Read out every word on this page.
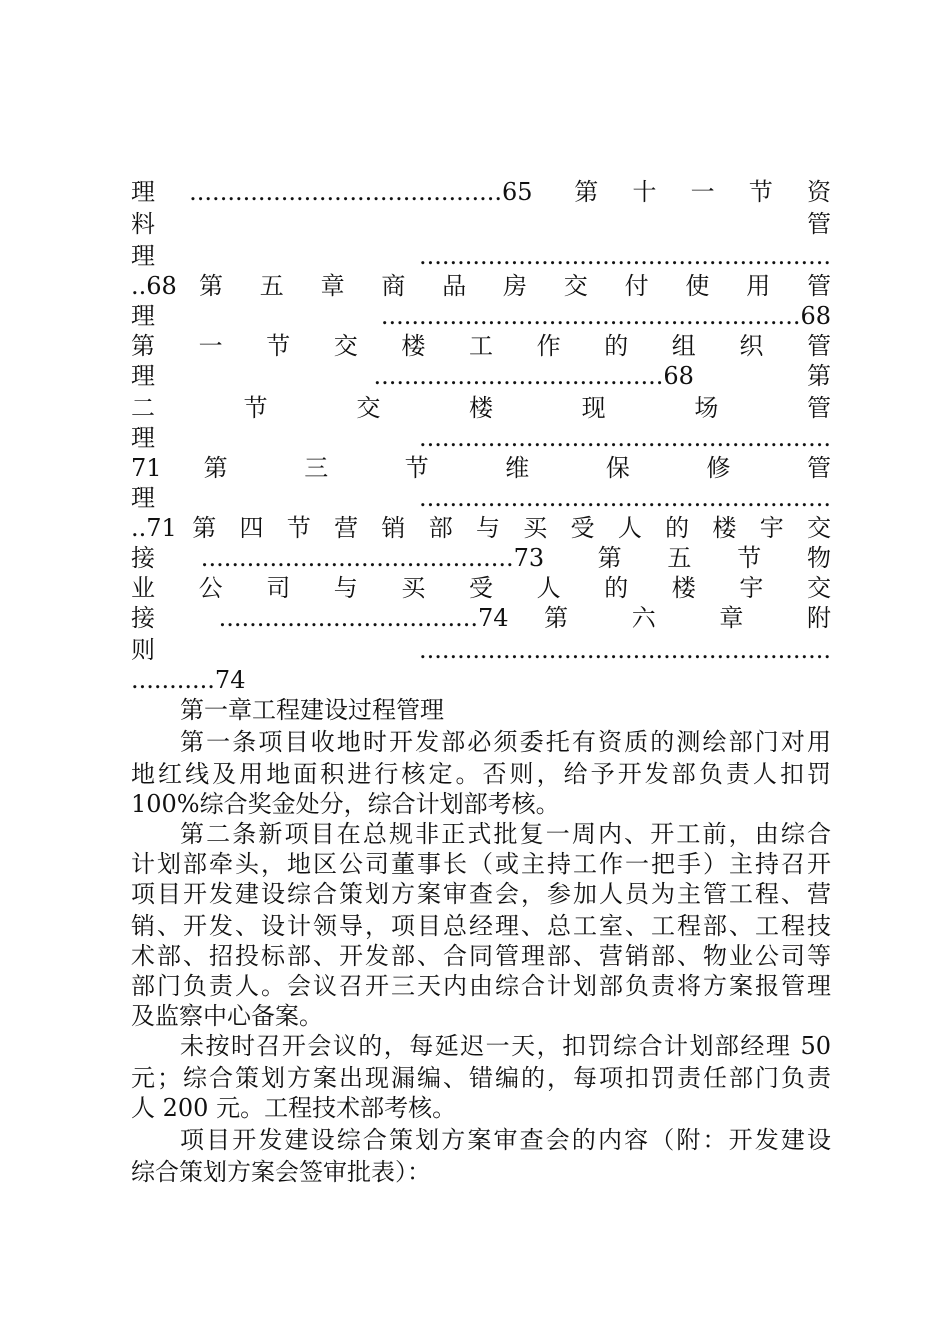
理.........................................65 第十一节资
料 管
理......................................................
..68 第 五 章 商 品 房 交 付 使 用 管
理.......................................................68
第 一 节 交 楼 工 作 的 组 织 管
理 ......................................68 第
二 节 交 楼 现 场 管
理......................................................
71 第 三 节 维 保 修 管
理......................................................
..71 第 四 节 营 销 部 与 买 受 人 的 楼 宇 交
接.........................................73 第五节物
业 公 司 与 买 受 人 的 楼 宇 交
接 ..................................74 第 六 章 附
则......................................................
...........74
第一章工程建设过程管理
第一条项目收地时开发部必须委托有资质的测绘部门对用
地红线及用地面积进行核定。否则，给予开发部负责人扣罚
100%综合奖金处分，综合计划部考核。
第二条新项目在总规非正式批复一周内、开工前，由综合
计划部牵头，地区公司董事长（或主持工作一把手）主持召开
项目开发建设综合策划方案审查会，参加人员为主管工程、营
销、开发、设计领导，项目总经理、总工室、工程部、工程技
术部、招投标部、开发部、合同管理部、营销部、物业公司等
部门负责人。会议召开三天内由综合计划部负责将方案报管理
及监察中心备案。
未按时召开会议的，每延迟一天，扣罚综合计划部经理 50
元；综合策划方案出现漏编、错编的，每项扣罚责任部门负责
人 200 元。工程技术部考核。
项目开发建设综合策划方案审查会的内容（附：开发建设
综合策划方案会签审批表）：
